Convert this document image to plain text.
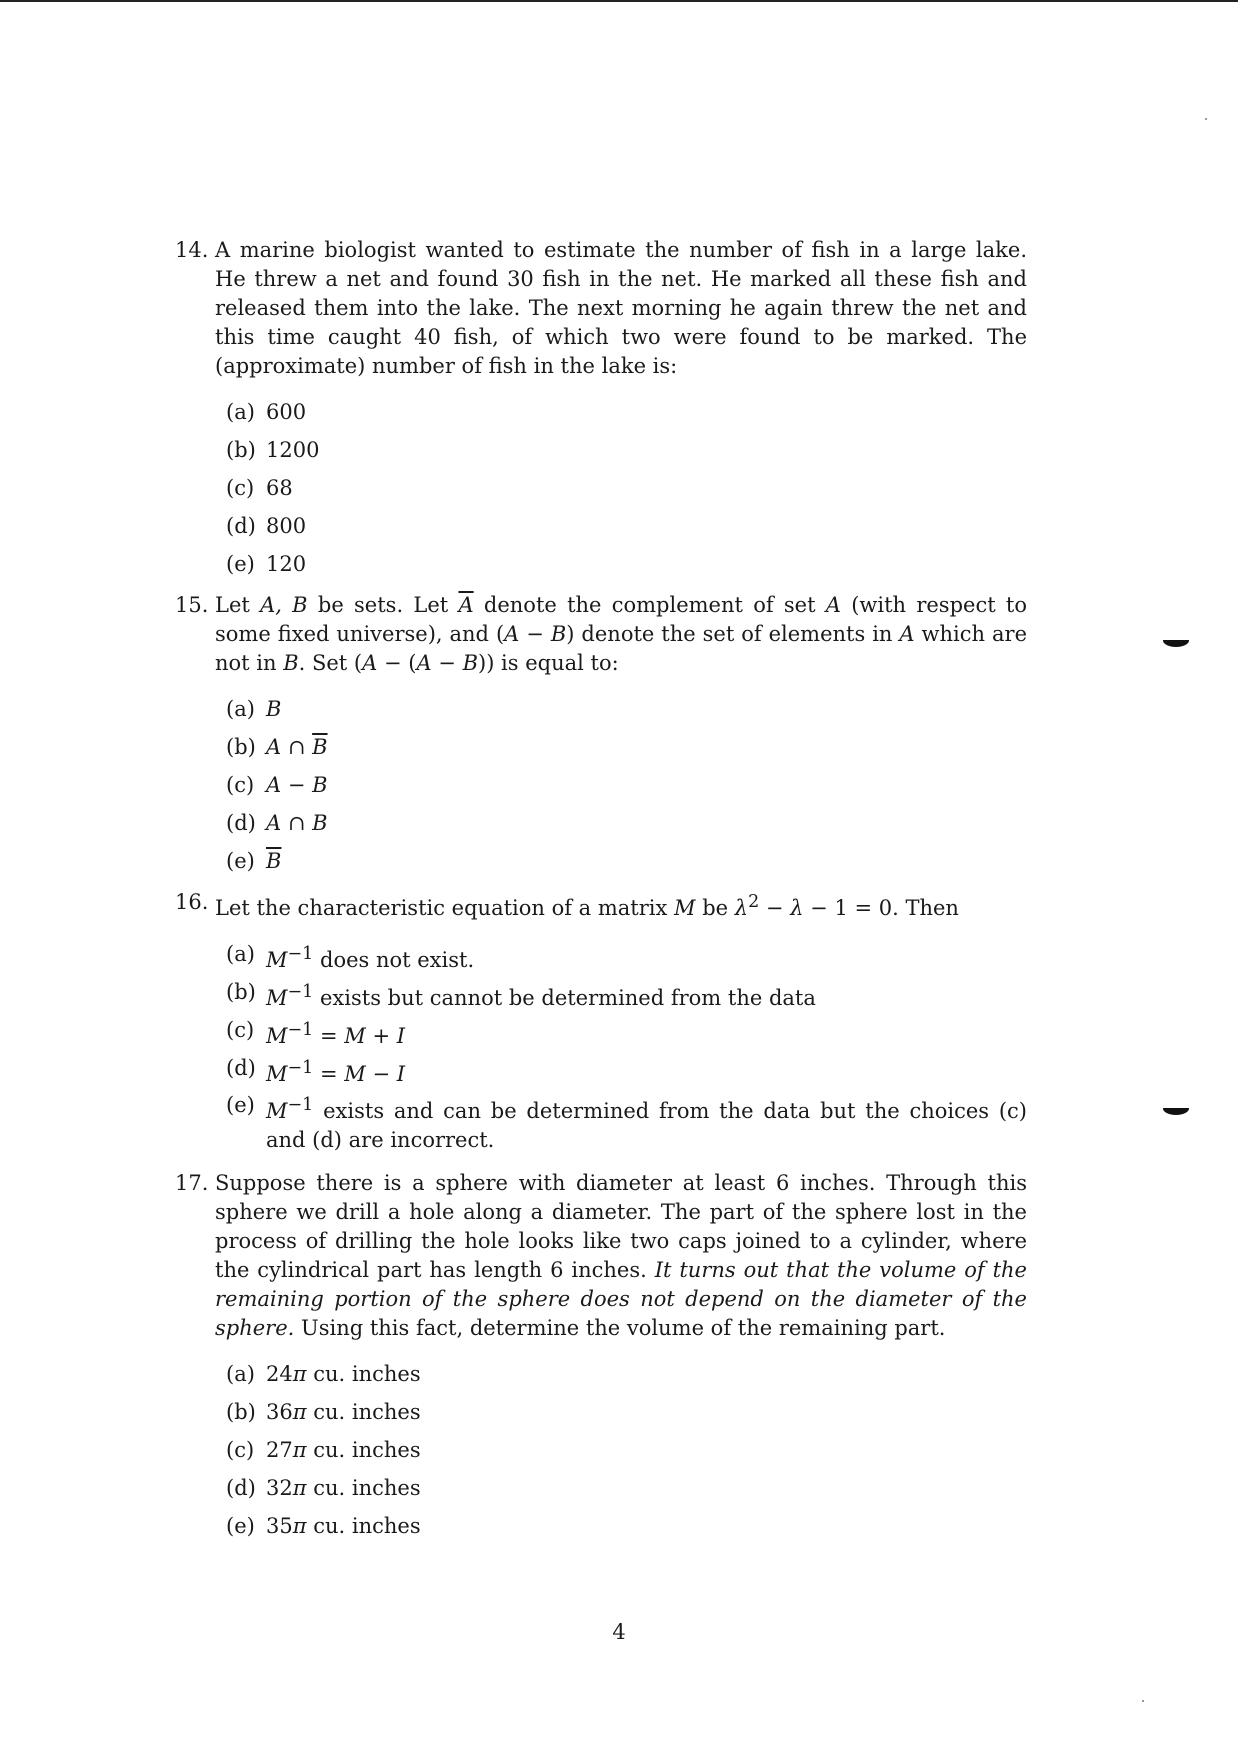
14. A marine biologist wanted to estimate the number of fish in a large lake. He threw a net and found 30 fish in the net. He marked all these fish and released them into the lake. The next morning he again threw the net and this time caught 40 fish, of which two were found to be marked. The (approximate) number of fish in the lake is:

(a) 600
(b) 1200
(c) 68
(d) 800
(e) 120
15. Let A, B be sets. Let $\overline{A}$ denote the complement of set A (with respect to some fixed universe), and (A − B) denote the set of elements in A which are not in B. Set (A − (A − B)) is equal to:

(a) B
(b) A ∩ $\overline{B}$
(c) A − B
(d) A ∩ B
(e) $\overline{B}$
16. Let the characteristic equation of a matrix M be $\lambda^2 - \lambda - 1 = 0$. Then

(a) $M^{-1}$ does not exist.
(b) $M^{-1}$ exists but cannot be determined from the data
(c) $M^{-1} = M + I$
(d) $M^{-1} = M - I$
(e) $M^{-1}$ exists and can be determined from the data but the choices (c) and (d) are incorrect.
17. Suppose there is a sphere with diameter at least 6 inches. Through this sphere we drill a hole along a diameter. The part of the sphere lost in the process of drilling the hole looks like two caps joined to a cylinder, where the cylindrical part has length 6 inches. It turns out that the volume of the remaining portion of the sphere does not depend on the diameter of the sphere. Using this fact, determine the volume of the remaining part.

(a) 24π cu. inches
(b) 36π cu. inches
(c) 27π cu. inches
(d) 32π cu. inches
(e) 35π cu. inches
4
